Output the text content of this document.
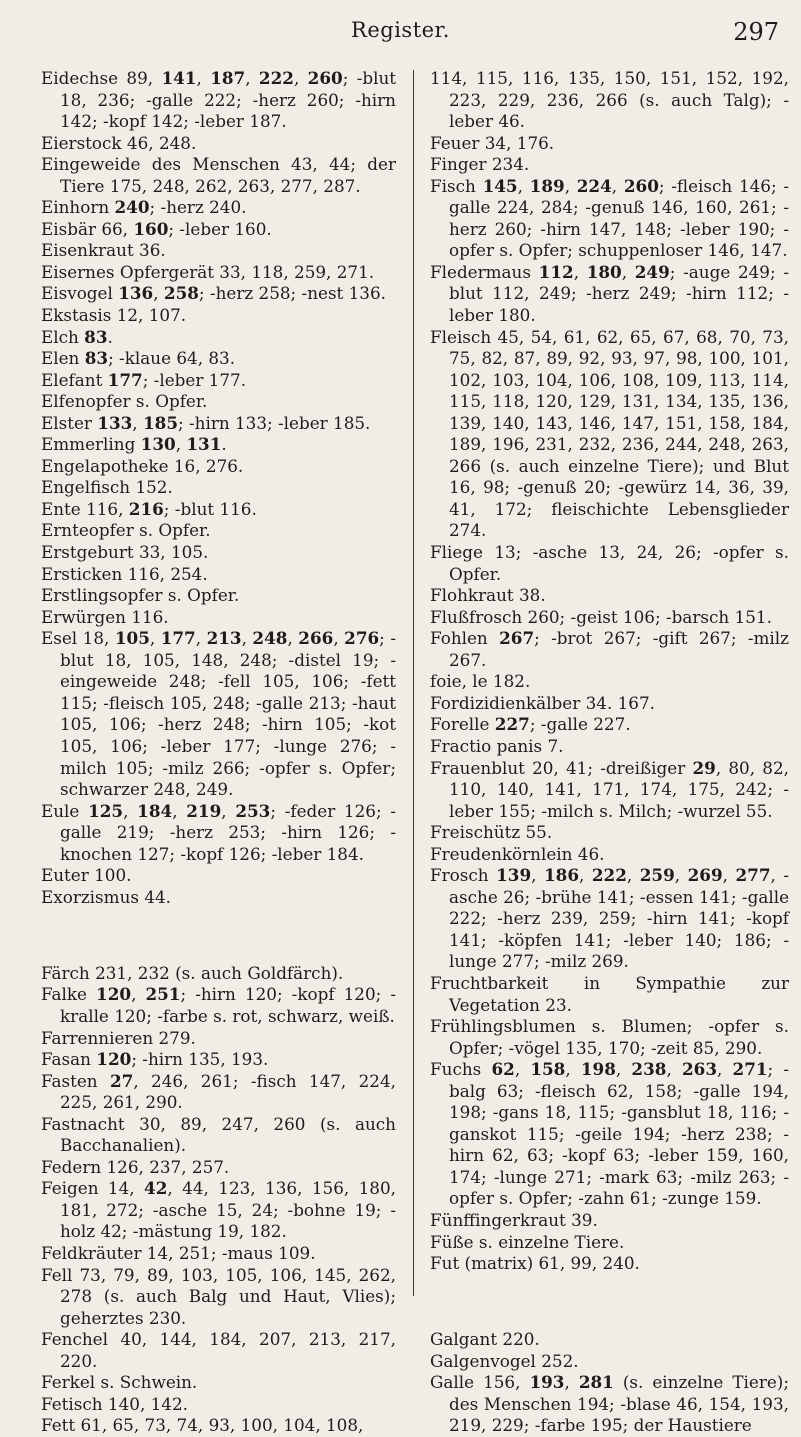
Register.	297

Eidechse 89, 141, 187, 222, 260; -blut 18, 236; -galle 222; -herz 260; -hirn 142; -kopf 142; -leber 187.

Eierstock 46, 248.

Eingeweide des Menschen 43, 44; der Tiere 175, 248, 262, 263, 277, 287.

Einhorn 240; -herz 240.

Eisbär 66, 160; -leber 160.

Eisenkraut 36.

Eisernes Opfergerät 33, 118, 259, 271.

Eisvogel 136, 258; -herz 258; -nest 136.

Ekstasis 12, 107.

Elch 83.

Elen 83; -klaue 64, 83.

Elefant 177; -leber 177.

Elfenopfer s. Opfer.

Elster 133, 185; -hirn 133; -leber 185.

Emmerling 130, 131.

Engelapotheke 16, 276.

Engelfisch 152.

Ente 116, 216; -blut 116.

Ernteopfer s. Opfer.

Erstgeburt 33, 105.

Ersticken 116, 254.

Erstlingsopfer s. Opfer.

Erwürgen 116.

Esel 18, 105, 177, 213, 248, 266, 276; -blut 18, 105, 148, 248; -distel 19; -eingeweide 248; -fell 105, 106; -fett 115; -fleisch 105, 248; -galle 213; -haut 105, 106; -herz 248; -hirn 105; -kot 105, 106; -leber 177; -lunge 276; -milch 105; -milz 266; -opfer s. Opfer; schwarzer 248, 249.

Eule 125, 184, 219, 253; -feder 126; -galle 219; -herz 253; -hirn 126; -knochen 127; -kopf 126; -leber 184.

Euter 100.

Exorzismus 44.

Färch 231, 232 (s. auch Goldfärch).

Falke 120, 251; -hirn 120; -kopf 120; -kralle 120; -farbe s. rot, schwarz, weiß.

Farrennieren 279.

Fasan 120; -hirn 135, 193.

Fasten 27, 246, 261; -fisch 147, 224, 225, 261, 290.

Fastnacht 30, 89, 247, 260 (s. auch Bacchanalien).

Federn 126, 237, 257.

Feigen 14, 42, 44, 123, 136, 156, 180, 181, 272; -asche 15, 24; -bohne 19; -holz 42; -mästung 19, 182.

Feldkräuter 14, 251; -maus 109.

Fell 73, 79, 89, 103, 105, 106, 145, 262, 278 (s. auch Balg und Haut, Vlies); geherztes 230.

Fenchel 40, 144, 184, 207, 213, 217, 220.

Ferkel s. Schwein.

Fetisch 140, 142.

Fett 61, 65, 73, 74, 93, 100, 104, 108,

114, 115, 116, 135, 150, 151, 152, 192, 223, 229, 236, 266 (s. auch Talg); -leber 46.

Feuer 34, 176.

Finger 234.

Fisch 145, 189, 224, 260; -fleisch 146; -galle 224, 284; -genuß 146, 160, 261; -herz 260; -hirn 147, 148; -leber 190; -opfer s. Opfer; schuppenloser 146, 147.

Fledermaus 112, 180, 249; -auge 249; -blut 112, 249; -herz 249; -hirn 112; -leber 180.

Fleisch 45, 54, 61, 62, 65, 67, 68, 70, 73, 75, 82, 87, 89, 92, 93, 97, 98, 100, 101, 102, 103, 104, 106, 108, 109, 113, 114, 115, 118, 120, 129, 131, 134, 135, 136, 139, 140, 143, 146, 147, 151, 158, 184, 189, 196, 231, 232, 236, 244, 248, 263, 266 (s. auch einzelne Tiere); und Blut 16, 98; -genuß 20; -gewürz 14, 36, 39, 41, 172; fleischichte Lebensglieder 274.

Fliege 13; -asche 13, 24, 26; -opfer s. Opfer.

Flohkraut 38.

Flußfrosch 260; -geist 106; -barsch 151.

Fohlen 267; -brot 267; -gift 267; -milz 267.

foie, le 182.

Fordizidienkälber 34. 167.

Forelle 227; -galle 227.

Fractio panis 7.

Frauenblut 20, 41; -dreißiger 29, 80, 82, 110, 140, 141, 171, 174, 175, 242; -leber 155; -milch s. Milch; -wurzel 55.

Freischütz 55.

Freudenkörnlein 46.

Frosch 139, 186, 222, 259, 269, 277, -asche 26; -brühe 141; -essen 141; -galle 222; -herz 239, 259; -hirn 141; -kopf 141; -köpfen 141; -leber 140; 186; -lunge 277; -milz 269.

Fruchtbarkeit in Sympathie zur Vegetation 23.

Frühlingsblumen s. Blumen; -opfer s. Opfer; -vögel 135, 170; -zeit 85, 290.

Fuchs 62, 158, 198, 238, 263, 271; -balg 63; -fleisch 62, 158; -galle 194, 198; -gans 18, 115; -gansblut 18, 116; -ganskot 115; -geile 194; -herz 238; -hirn 62, 63; -kopf 63; -leber 159, 160, 174; -lunge 271; -mark 63; -milz 263; -opfer s. Opfer; -zahn 61; -zunge 159.

Fünffingerkraut 39.

Füße s. einzelne Tiere.

Fut (matrix) 61, 99, 240.

Galgant 220.

Galgenvogel 252.

Galle 156, 193, 281 (s. einzelne Tiere); des Menschen 194; -blase 46, 154, 193, 219, 229; -farbe 195; der Haustiere
